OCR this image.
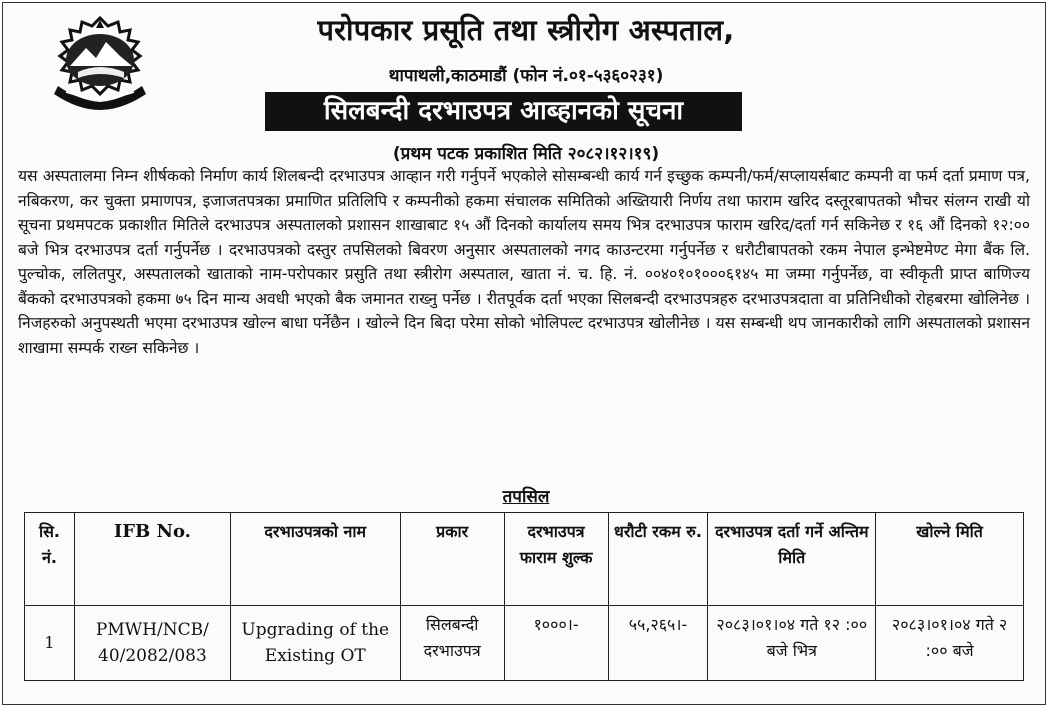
परोपकार प्रसूति तथा स्त्रीरोग अस्पताल,
थापाथली,काठमाडौं (फोन नं.०१-५३६०२३१)
सिलबन्दी दरभाउपत्र आब्हानको सूचना
(प्रथम पटक प्रकाशित मिति २०८२।१२।१९)
यस अस्पतालमा निम्न शीर्षकको निर्माण कार्य शिलबन्दी दरभाउपत्र आव्हान गरी गर्नुपर्ने भएकोले सोसम्बन्धी कार्य गर्न इच्छुक कम्पनी/फर्म/सप्लायर्सबाट कम्पनी वा फर्म दर्ता प्रमाण पत्र, नबिकरण, कर चुक्ता प्रमाणपत्र, इजाजतपत्रका प्रमाणित प्रतिलिपि र कम्पनीको हकमा संचालक समितिको अख्तियारी निर्णय तथा फाराम खरिद दस्तूरबापतको भौचर संलग्न राखी यो सूचना प्रथमपटक प्रकाशीत मितिले दरभाउपत्र अस्पतालको प्रशासन शाखाबाट १५ औं दिनको कार्यालय समय भित्र दरभाउपत्र फाराम खरिद/दर्ता गर्न सकिनेछ र १६ औं दिनको १२:०० बजे भित्र दरभाउपत्र दर्ता गर्नुपर्नेछ । दरभाउपत्रको दस्तुर तपसिलको बिवरण अनुसार अस्पतालको नगद काउन्टरमा गर्नुपर्नेछ र धरौटीबापतको रकम नेपाल इन्भेष्टमेण्ट मेगा बैंक लि. पुल्चोक, ललितपुर, अस्पतालको खाताको नाम-परोपकार प्रसुति तथा स्त्रीरोग अस्पताल, खाता नं. च. हि. नं. ००४०१०१०००६१४५ मा जम्मा गर्नुपर्नेछ, वा स्वीकृती प्राप्त बाणिज्य बैंकको दरभाउपत्रको हकमा ७५ दिन मान्य अवधी भएको बैक जमानत राख्नु पर्नेछ । रीतपूर्वक दर्ता भएका सिलबन्दी दरभाउपत्रहरु दरभाउपत्रदाता वा प्रतिनिधीको रोहबरमा खोलिनेछ । निजहरुको अनुपस्थती भएमा दरभाउपत्र खोल्न बाधा पर्नेछैन । खोल्ने दिन बिदा परेमा सोको भोलिपल्ट दरभाउपत्र खोलीनेछ । यस सम्बन्धी थप जानकारीको लागि अस्पतालको प्रशासन शाखामा सम्पर्क राख्न सकिनेछ ।
तपसिल
सि. नं.	IFB No.	दरभाउपत्रको नाम	प्रकार	दरभाउपत्र फाराम शुल्क	धरौटी रकम रु.	दरभाउपत्र दर्ता गर्ने अन्तिम मिति	खोल्ने मिति
1	PMWH/NCB/ 40/2082/083	Upgrading of the Existing OT	सिलबन्दी दरभाउपत्र	१०००।-	५५,२६५।-	२०८३।०१।०४ गते १२ :०० बजे भित्र	२०८३।०१।०४ गते २ :०० बजे
